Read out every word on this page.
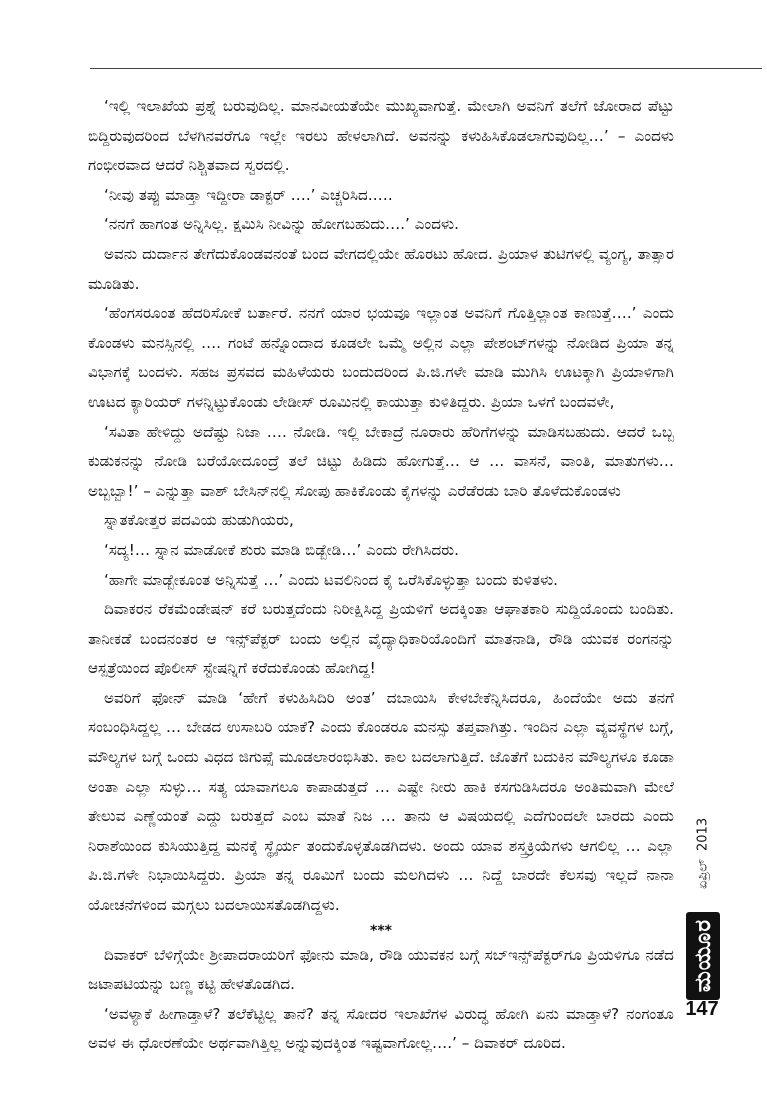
‘ಇಲ್ಲಿ ಇಲಾಖೆಯ ಪ್ರಶ್ನೆ ಬರುವುದಿಲ್ಲ. ಮಾನವೀಯತೆಯೇ ಮುಖ್ಯವಾಗುತ್ತೆ. ಮೇಲಾಗಿ ಅವನಿಗೆ ತಲೆಗೆ ಜೋರಾದ ಪೆಟ್ಟು ಬಿದ್ದಿರುವುದರಿಂದ ಬೆಳಗಿನವರೆಗೂ ಇಲ್ಲೇ ಇರಲು ಹೇಳಲಾಗಿದೆ. ಅವನನ್ನು ಕಳುಹಿಸಿಕೊಡಲಾಗುವುದಿಲ್ಲ…’ – ಎಂದಳು ಗಂಭೀರವಾದ ಆದರೆ ನಿಶ್ಚಿತವಾದ ಸ್ವರದಲ್ಲಿ.

‘ನೀವು ತಪ್ಪು ಮಾಡ್ತಾ ಇದ್ದೀರಾ ಡಾಕ್ಟರ್ ….’ ಎಚ್ಚರಿಸಿದ.….

‘ನನಗೆ ಹಾಗಂತ ಅನ್ನಿಸಿಲ್ಲ. ಕ್ಷಮಿಸಿ ನೀವಿನ್ನು ಹೋಗಬಹುದು….’ ಎಂದಳು.

ಅವನು ದುರ್ದಾನ ತೇಗೆದುಕೊಂಡವನಂತೆ ಬಂದ ವೇಗದಲ್ಲಿಯೇ ಹೊರಟು ಹೋದ. ಪ್ರಿಯಾಳ ತುಟಿಗಳಲ್ಲಿ ವ್ಯಂಗ್ಯ, ತಾತ್ಸಾರ ಮೂಡಿತು.

‘ಹೆಂಗಸರೂಂತ ಹೆದರಿಸೋಕೆ ಬರ್ತಾರೆ. ನನಗೆ ಯಾರ ಭಯವೂ ಇಲ್ಲಾಂತ ಅವನಿಗೆ ಗೊತ್ತಿಲ್ಲಾಂತ ಕಾಣುತ್ತೆ….’ ಎಂದು ಕೊಂಡಳು ಮನಸ್ಸಿನಲ್ಲಿ …. ಗಂಟೆ ಹನ್ನೊಂದಾದ ಕೂಡಲೇ ಒಮ್ಮೆ ಅಲ್ಲಿನ ಎಲ್ಲಾ ಪೇಶಂಟ್‌ಗಳನ್ನು ನೋಡಿದ ಪ್ರಿಯಾ ತನ್ನ ವಿಭಾಗಕ್ಕೆ ಬಂದಳು. ಸಹಜ ಪ್ರಸವದ ಮಹಿಳೆಯರು ಬಂದುದರಿಂದ ಪಿ.ಜಿ.ಗಳೇ ಮಾಡಿ ಮುಗಿಸಿ ಊಟಕ್ಕಾಗಿ ಪ್ರಿಯಾಳಿಗಾಗಿ ಊಟದ ಕ್ಯಾರಿಯರ್ ಗಳನ್ನಿಟ್ಟುಕೊಂಡು ಲೇಡೀಸ್ ರೂಮಿನಲ್ಲಿ ಕಾಯುತ್ತಾ ಕುಳಿತಿದ್ದರು. ಪ್ರಿಯಾ ಒಳಗೆ ಬಂದವಳೇ,

‘ಸವಿತಾ ಹೇಳಿದ್ದು ಅದೆಷ್ಟು ನಿಜಾ …. ನೋಡಿ. ಇಲ್ಲಿ ಬೇಕಾದ್ರೆ ನೂರಾರು ಹೆರಿಗೆಗಳನ್ನು ಮಾಡಿಸಬಹುದು. ಆದರೆ ಒಬ್ಬ ಕುಡುಕನನ್ನು ನೋಡಿ ಬರೆಯೋದೂಂದ್ರೆ ತಲೆ ಚಿಟ್ಟು ಹಿಡಿದು ಹೋಗುತ್ತೆ… ಆ … ವಾಸನೆ, ವಾಂತಿ, ಮಾತುಗಳು… ಅಬ್ಬಬ್ಬಾ!’ – ಎನ್ನುತ್ತಾ ವಾಶ್ ಬೇಸಿನ್‌ನಲ್ಲಿ ಸೋಪು ಹಾಕಿಕೊಂಡು ಕೈಗಳನ್ನು ಎರೆಡೆರಡು ಬಾರಿ ತೊಳೆದುಕೊಂಡಳು

ಸ್ನಾತಕೋತ್ತರ ಪದವಿಯ ಹುಡುಗಿಯರು,

‘ಸದ್ಯ!… ಸ್ನಾನ ಮಾಡೋಕೆ ಶುರು ಮಾಡಿ ಬಿಡ್ಬೇಡಿ…’ ಎಂದು ರೇಗಿಸಿದರು.

‘ಹಾಗೇ ಮಾಡ್ಬೇಕೂಂತ ಅನ್ನಿಸುತ್ತೆ …’ ಎಂದು ಟವಲಿನಿಂದ ಕೈ ಒರೆಸಿಕೊಳ್ಳುತ್ತಾ ಬಂದು ಕುಳಿತಳು.

ದಿವಾಕರನ ರೆಕಮೆಂಡೇಷನ್ ಕರೆ ಬರುತ್ತದೆಂದು ನಿರೀಕ್ಷಿಸಿದ್ದ ಪ್ರಿಯಳಿಗೆ ಅದಕ್ಕಿಂತಾ ಆಘಾತಕಾರಿ ಸುದ್ದಿಯೊಂದು ಬಂದಿತು. ತಾನೀಕಡೆ ಬಂದನಂತರ ಆ ಇನ್ಸ್‌ಪೆಕ್ಟರ್ ಬಂದು ಅಲ್ಲಿನ ವೈದ್ಯಾಧಿಕಾರಿಯೊಂದಿಗೆ ಮಾತನಾಡಿ, ರೌಡಿ ಯುವಕ ರಂಗನನ್ನು ಆಸ್ಪತ್ರೆಯಿಂದ ಪೊಲೀಸ್ ಸ್ಟೇಷನ್ನಿಗೆ ಕರೆದುಕೊಂಡು ಹೋಗಿದ್ದ!

ಅವರಿಗೆ ಫೋನ್ ಮಾಡಿ ‘ಹೇಗೆ ಕಳುಹಿಸಿದಿರಿ ಅಂತ’ ದಬಾಯಿಸಿ ಕೇಳಬೇಕೆನ್ನಿಸಿದರೂ, ಹಿಂದೆಯೇ ಅದು ತನಗೆ ಸಂಬಂಧಿಸಿದ್ದಲ್ಲ … ಬೇಡದ ಉಸಾಬರಿ ಯಾಕೆ? ಎಂದು ಕೊಂಡರೂ ಮನಸ್ಸು ತಪ್ತವಾಗಿತ್ತು. ಇಂದಿನ ಎಲ್ಲಾ ವ್ಯವಸ್ಥೆಗಳ ಬಗ್ಗೆ, ಮೌಲ್ಯಗಳ ಬಗ್ಗೆ ಒಂದು ವಿಧದ ಜಿಗುಪ್ಸೆ ಮೂಡಲಾರಂಭಿಸಿತು. ಕಾಲ ಬದಲಾಗುತ್ತಿದೆ. ಜೊತೆಗೆ ಬದುಕಿನ ಮೌಲ್ಯಗಳೂ ಕೂಡಾ ಅಂತಾ ಎಲ್ಲಾ ಸುಳ್ಳು… ಸತ್ಯ ಯಾವಾಗಲೂ ಕಾಪಾಡುತ್ತದೆ … ಎಷ್ಟೇ ನೀರು ಹಾಕಿ ಕಸಗುಡಿಸಿದರೂ ಅಂತಿಮವಾಗಿ ಮೇಲೆ ತೇಲುವ ಎಣ್ಣೆಯಂತೆ ಎದ್ದು ಬರುತ್ತದೆ ಎಂಬ ಮಾತೆ ನಿಜ … ತಾನು ಆ ವಿಷಯದಲ್ಲಿ ಎದೆಗುಂದಲೇ ಬಾರದು ಎಂದು ನಿರಾಶೆಯಿಂದ ಕುಸಿಯುತ್ತಿದ್ದ ಮನಕ್ಕೆ ಸ್ಥೈರ್ಯ ತಂದುಕೊಳ್ಳತೊಡಗಿದಳು. ಅಂದು ಯಾವ ಶಸ್ತ್ರಕ್ರಿಯೆಗಳು ಆಗಲಿಲ್ಲ … ಎಲ್ಲಾ ಪಿ.ಜಿ.ಗಳೇ ನಿಭಾಯಿಸಿದ್ದರು. ಪ್ರಿಯಾ ತನ್ನ ರೂಮಿಗೆ ಬಂದು ಮಲಗಿದಳು … ನಿದ್ದೆ ಬಾರದೇ ಕೆಲಸವು ಇಲ್ಲದೆ ನಾನಾ ಯೋಚನೆಗಳಿಂದ ಮಗ್ಗಲು ಬದಲಾಯಿಸತೊಡಗಿದ್ದಳು.

***

ದಿವಾಕರ್ ಬೆಳಿಗ್ಗೆಯೇ ಶ್ರೀಪಾದರಾಯರಿಗೆ ಫೋನು ಮಾಡಿ, ರೌಡಿ ಯುವಕನ ಬಗ್ಗೆ ಸಬ್‌ಇನ್ಸ್‌ಪೆಕ್ಟರ್‌ಗೂ ಪ್ರಿಯಳಿಗೂ ನಡೆದ ಜಟಾಪಟಿಯನ್ನು ಬಣ್ಣ ಕಟ್ಟಿ ಹೇಳತೊಡಗಿದ.

‘ಅವಳ್ಯಾಕೆ ಹೀಗಾಡ್ತಾಳೆ? ತಲೆಕೆಟ್ಟಿಲ್ಲ ತಾನೆ? ತನ್ನ ಸೋದರ ಇಲಾಖೆಗಳ ವಿರುದ್ಧ ಹೋಗಿ ಏನು ಮಾಡ್ತಾಳೆ? ನಂಗಂತೂ ಅವಳ ಈ ಧೋರಣೆಯೇ ಅರ್ಥವಾಗಿತ್ತಿಲ್ಲ ಅನ್ನುವುದಕ್ಕಿಂತ ಇಷ್ಟವಾಗೋಲ್ಲ….’ – ದಿವಾಕರ್ ದೂರಿದ.

ಏಪ್ರಿಲ್
2013
ಮಯೂರ
147
